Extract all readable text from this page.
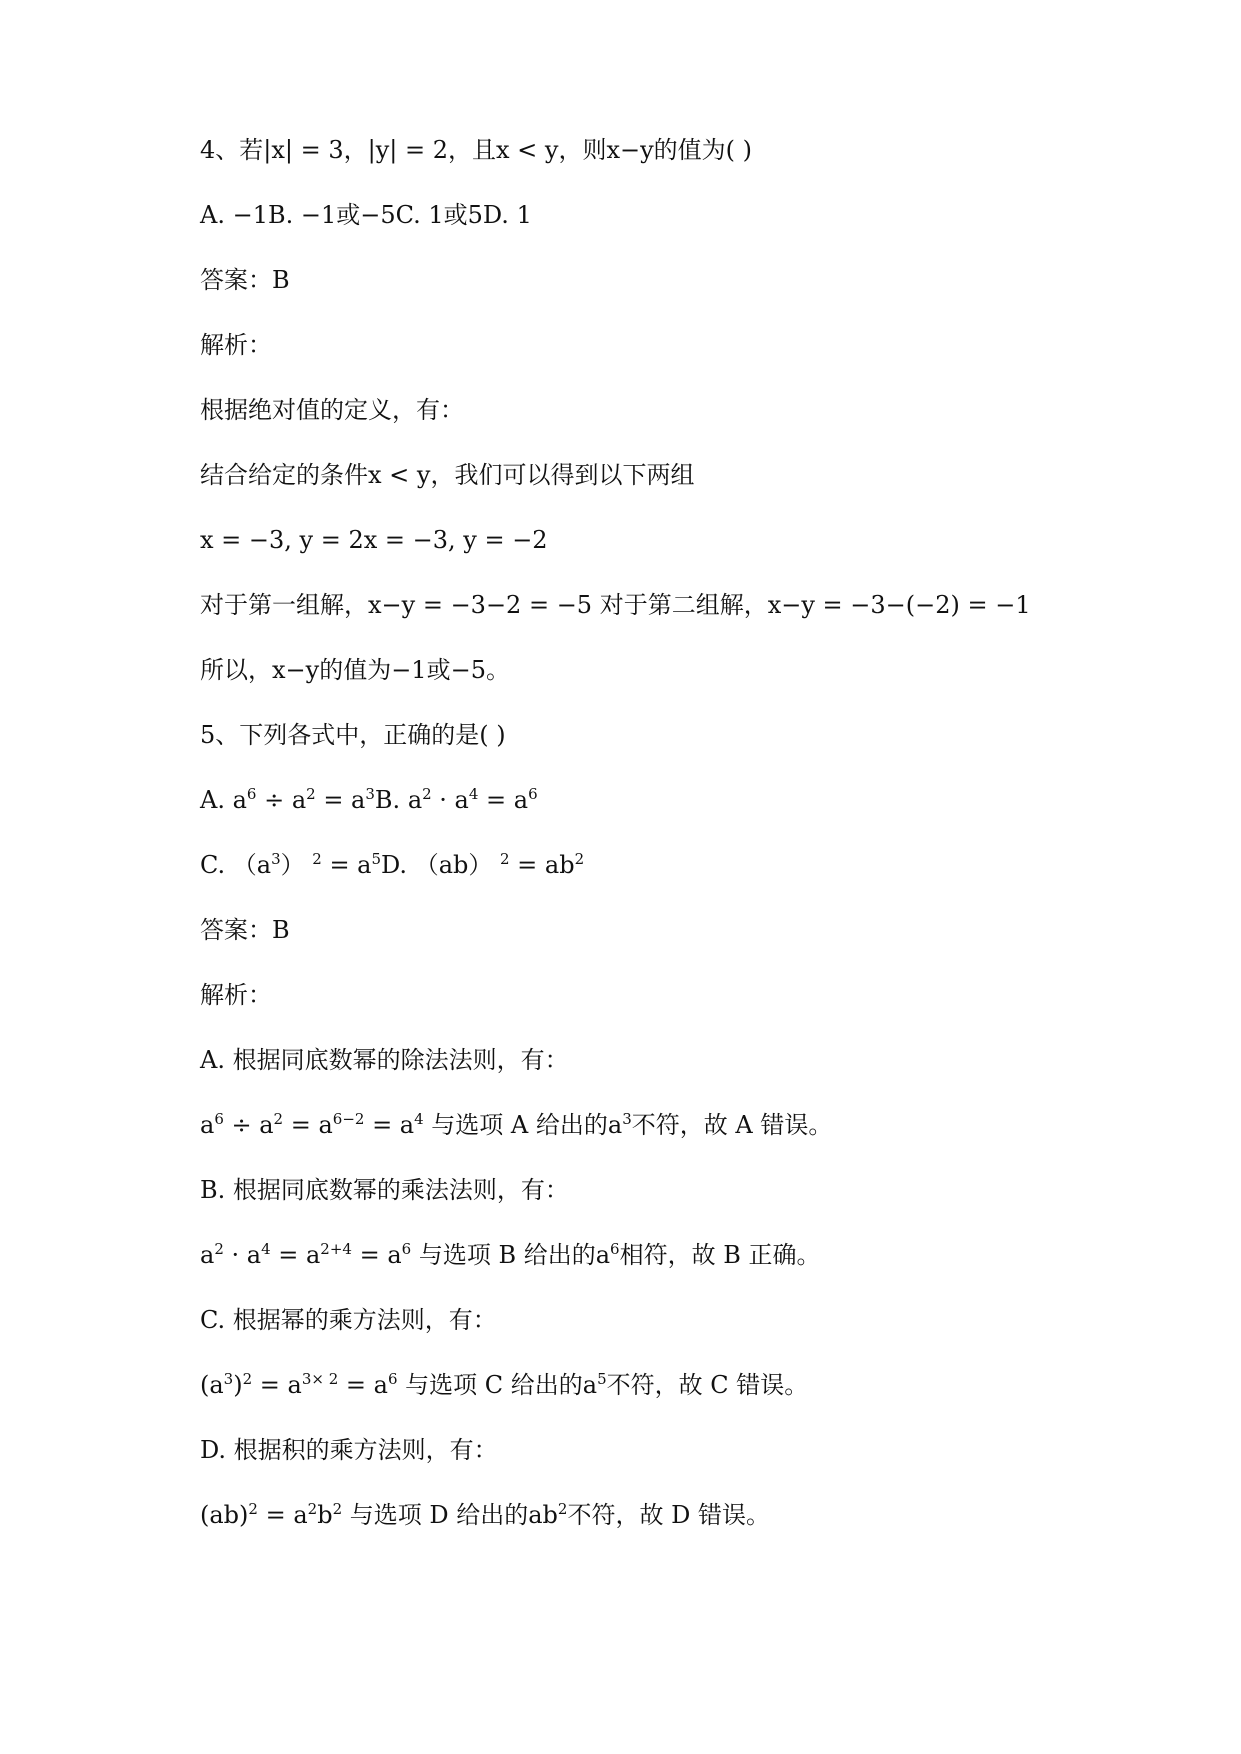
4、若|x| = 3，|y| = 2，且x < y，则x−y的值为( )
A. −1B. −1或−5C. 1或5D. 1
答案：B
解析：
根据绝对值的定义，有：
结合给定的条件x < y，我们可以得到以下两组
x = −3, y = 2x = −3, y = −2
对于第一组解，x−y = −3−2 = −5 对于第二组解，x−y = −3−(−2) = −1
所以，x−y的值为−1或−5。
5、下列各式中，正确的是( )
A. $a^6 \div a^2 = a^3B$. $a^2 \cdot a^4 = a^6$
C. $(a^3) ^2 = a^5D$. （ab） $^2 = ab^2$
答案：B
解析：
A. 根据同底数幂的除法法则，有：
$a^6 \div a^2 = a^{6-2} = a^4$ 与选项 A 给出的$a^3$不符，故 A 错误。
B. 根据同底数幂的乘法法则，有：
$a^2 \cdot a^4 = a^{2+4} = a^6$ 与选项 B 给出的$a^6$相符，故 B 正确。
C. 根据幂的乘方法则，有：
$(a^3)^2 = a^{3\times 2} = a^6$ 与选项 C 给出的$a^5$不符，故 C 错误。
D. 根据积的乘方法则，有：
$(ab)^2 = a^2b^2$ 与选项 D 给出的$ab^2$不符，故 D 错误。
